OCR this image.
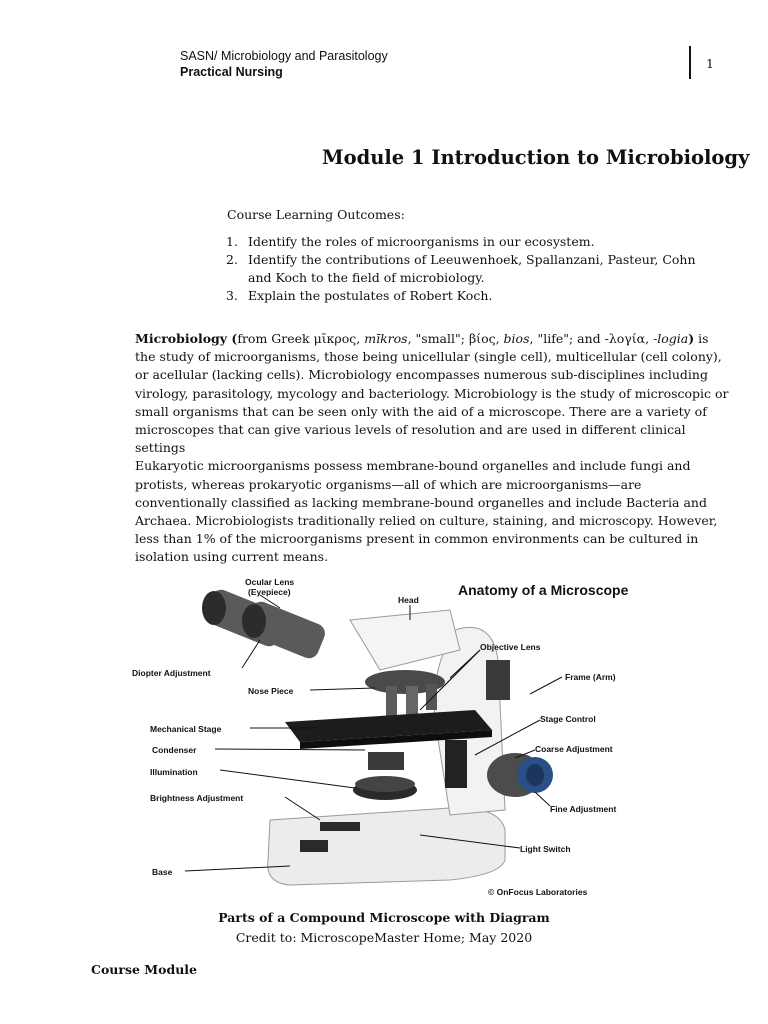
SASN/ Microbiology and Parasitology
Practical Nursing
1
Module 1 Introduction to Microbiology
Course Learning Outcomes:
1. Identify the roles of microorganisms in our ecosystem.
2. Identify the contributions of Leeuwenhoek, Spallanzani, Pasteur, Cohn and Koch to the field of microbiology.
3. Explain the postulates of Robert Koch.

Microbiology (from Greek μῑκρος, mīkros, "small"; βίος, bios, "life"; and -λογία, -logia) is the study of microorganisms, those being unicellular (single cell), multicellular (cell colony), or acellular (lacking cells). Microbiology encompasses numerous sub-disciplines including virology, parasitology, mycology and bacteriology. Microbiology is the study of microscopic or small organisms that can be seen only with the aid of a microscope. There are a variety of microscopes that can give various levels of resolution and are used in different clinical settings

Eukaryotic microorganisms possess membrane-bound organelles and include fungi and protists, whereas prokaryotic organisms—all of which are microorganisms—are conventionally classified as lacking membrane-bound organelles and include Bacteria and Archaea. Microbiologists traditionally relied on culture, staining, and microscopy. However, less than 1% of the microorganisms present in common environments can be cultured in isolation using current means.

Anatomy of a Microscope
Ocular Lens
(Eyepiece)
Head
Objective Lens
Frame (Arm)
Diopter Adjustment
Nose Piece
Stage Control
Mechanical Stage
Coarse Adjustment
Condenser
Illumination
Brightness Adjustment
Fine Adjustment
Light Switch
Base
© OnFocus Laboratories
Parts of a Compound Microscope with Diagram
Credit to: MicroscopeMaster Home; May 2020
Course Module
